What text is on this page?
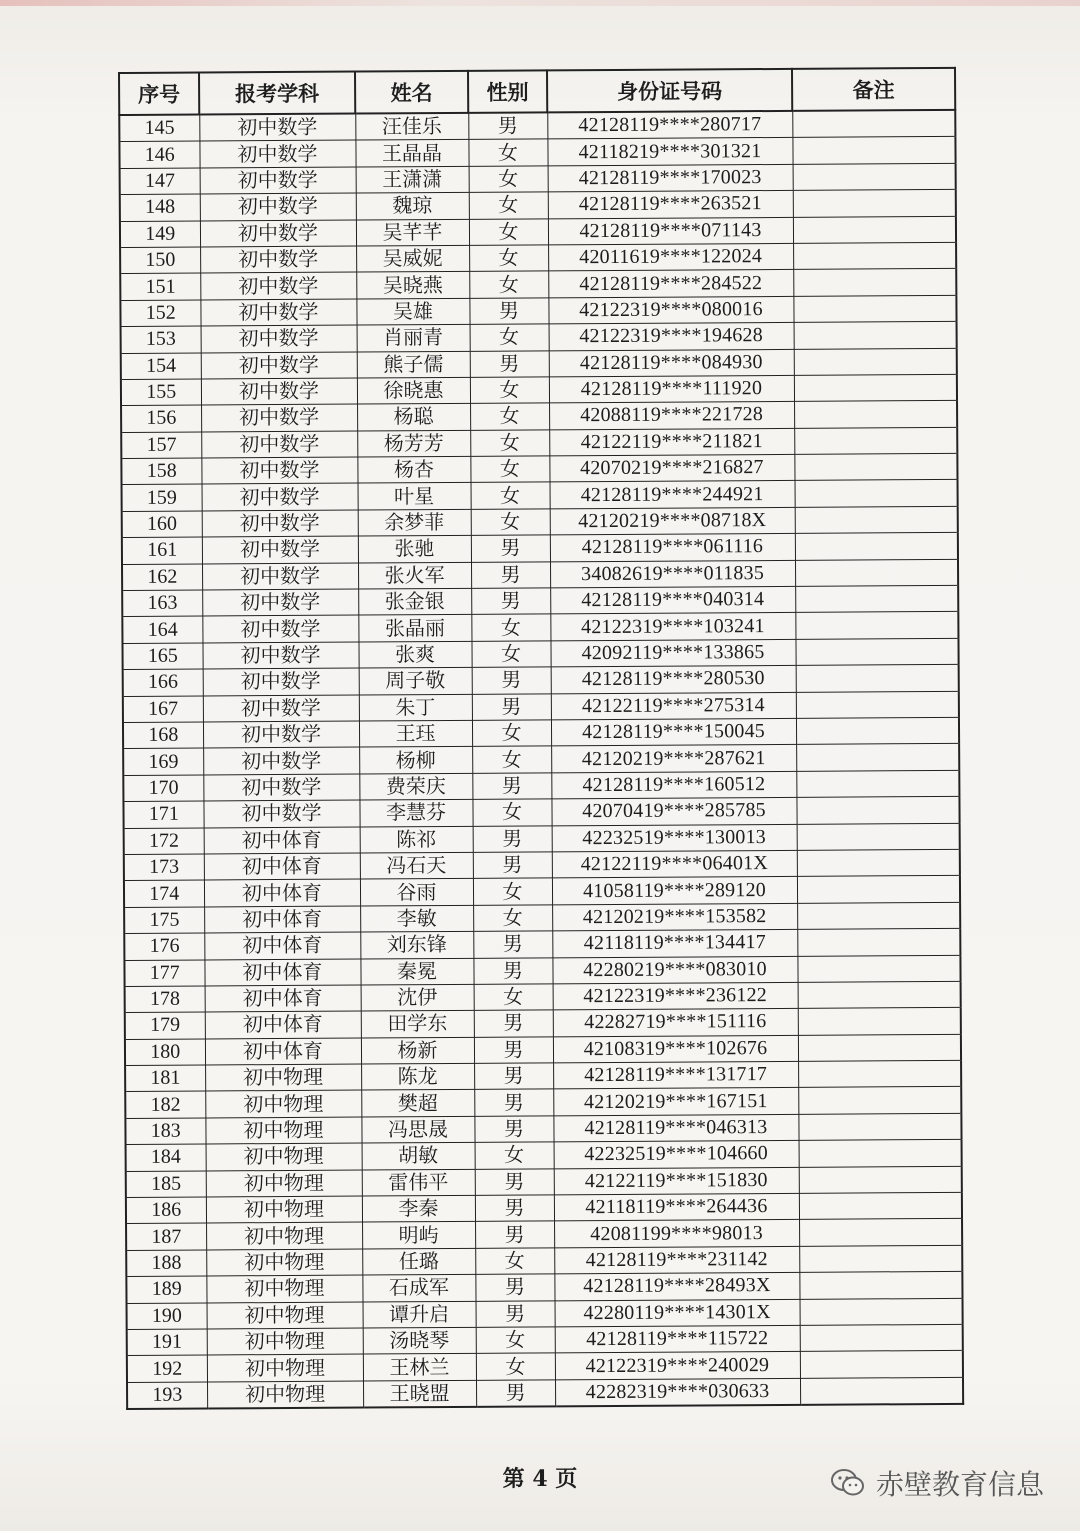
序号	报考学科	姓名	性别	身份证号码	备注
145	初中数学	汪佳乐	男	42128119****280717	
146	初中数学	王晶晶	女	42118219****301321	
147	初中数学	王潇潇	女	42128119****170023	
148	初中数学	魏琼	女	42128119****263521	
149	初中数学	吴芊芊	女	42128119****071143	
150	初中数学	吴威妮	女	42011619****122024	
151	初中数学	吴晓燕	女	42128119****284522	
152	初中数学	吴雄	男	42122319****080016	
153	初中数学	肖丽青	女	42122319****194628	
154	初中数学	熊子儒	男	42128119****084930	
155	初中数学	徐晓惠	女	42128119****111920	
156	初中数学	杨聪	女	42088119****221728	
157	初中数学	杨芳芳	女	42122119****211821	
158	初中数学	杨杏	女	42070219****216827	
159	初中数学	叶星	女	42128119****244921	
160	初中数学	余梦菲	女	42120219****08718X	
161	初中数学	张驰	男	42128119****061116	
162	初中数学	张火军	男	34082619****011835	
163	初中数学	张金银	男	42128119****040314	
164	初中数学	张晶丽	女	42122319****103241	
165	初中数学	张爽	女	42092119****133865	
166	初中数学	周子敬	男	42128119****280530	
167	初中数学	朱丁	男	42122119****275314	
168	初中数学	王珏	女	42128119****150045	
169	初中数学	杨柳	女	42120219****287621	
170	初中数学	费荣庆	男	42128119****160512	
171	初中数学	李慧芬	女	42070419****285785	
172	初中体育	陈祁	男	42232519****130013	
173	初中体育	冯石天	男	42122119****06401X	
174	初中体育	谷雨	女	41058119****289120	
175	初中体育	李敏	女	42120219****153582	
176	初中体育	刘东锋	男	42118119****134417	
177	初中体育	秦冕	男	42280219****083010	
178	初中体育	沈伊	女	42122319****236122	
179	初中体育	田学东	男	42282719****151116	
180	初中体育	杨新	男	42108319****102676	
181	初中物理	陈龙	男	42128119****131717	
182	初中物理	樊超	男	42120219****167151	
183	初中物理	冯思晟	男	42128119****046313	
184	初中物理	胡敏	女	42232519****104660	
185	初中物理	雷伟平	男	42122119****151830	
186	初中物理	李秦	男	42118119****264436	
187	初中物理	明屿	男	42081199****98013	
188	初中物理	任璐	女	42128119****231142	
189	初中物理	石成军	男	42128119****28493X	
190	初中物理	谭升启	男	42280119****14301X	
191	初中物理	汤晓琴	女	42128119****115722	
192	初中物理	王林兰	女	42122319****240029	
193	初中物理	王晓盟	男	42282319****030633	
第 4 页	赤壁教育信息
